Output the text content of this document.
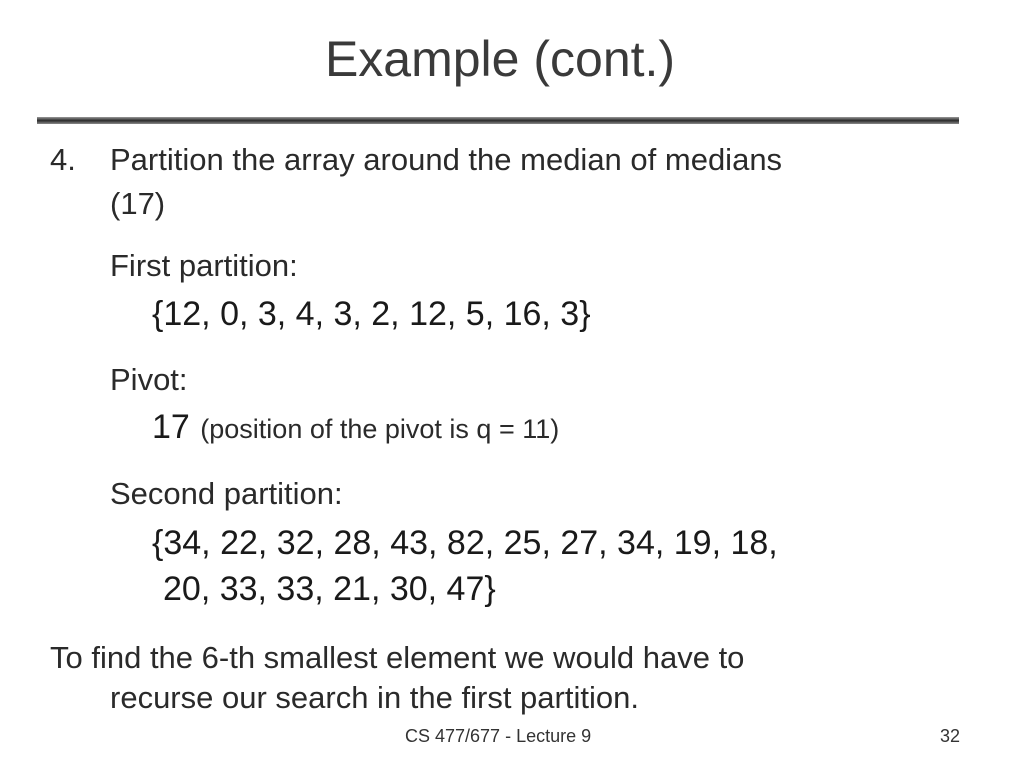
Example (cont.)
4. Partition the array around the median of medians
(17)
First partition:
{12, 0, 3, 4, 3, 2, 12, 5, 16, 3}
Pivot:
17 (position of the pivot is q = 11)
Second partition:
{34, 22, 32, 28, 43, 82, 25, 27, 34, 19, 18,
20, 33, 33, 21, 30, 47}
To find the 6-th smallest element we would have to
recurse our search in the first partition.
CS 477/677 - Lecture 9	32
